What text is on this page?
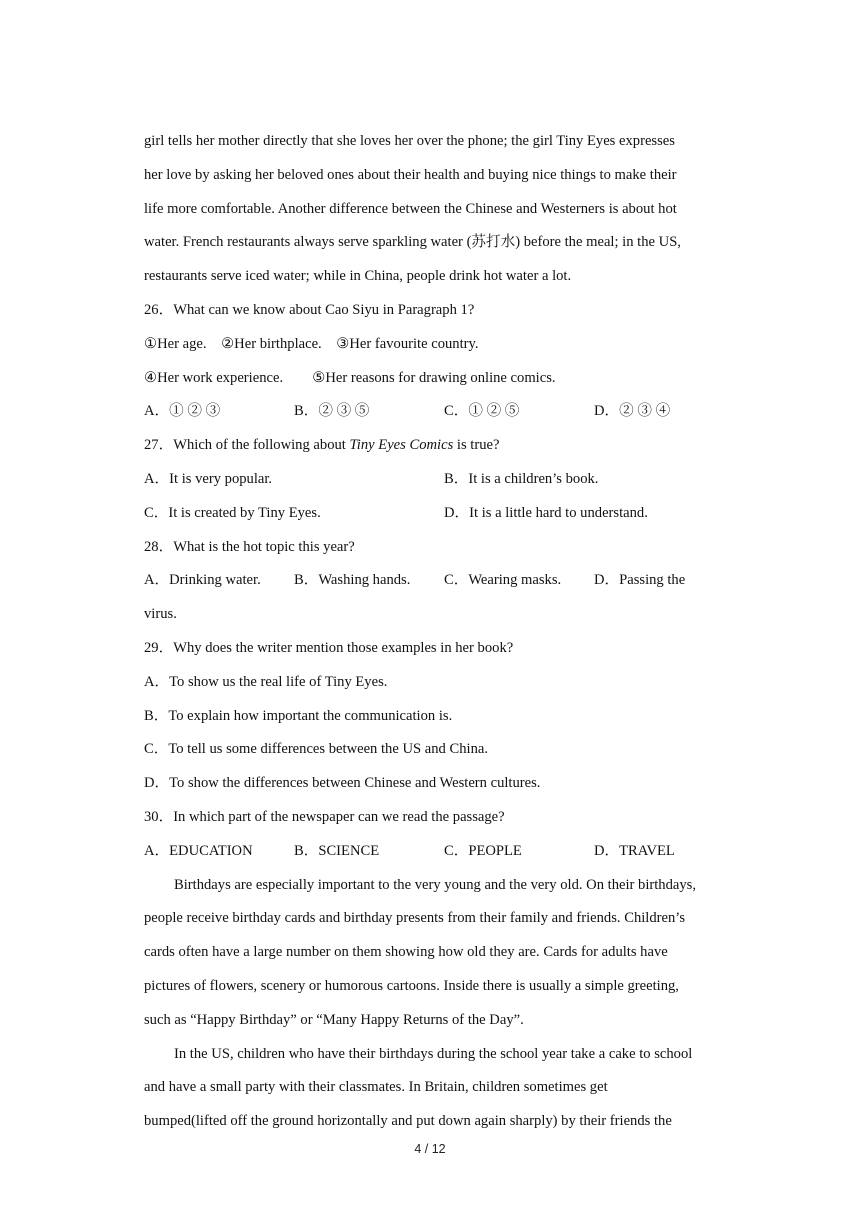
girl tells her mother directly that she loves her over the phone; the girl Tiny Eyes expresses
her love by asking her beloved ones about their health and buying nice things to make their
life more comfortable. Another difference between the Chinese and Westerners is about hot
water. French restaurants always serve sparkling water (苏打水) before the meal; in the US,
restaurants serve iced water; while in China, people drink hot water a lot.
26．What can we know about Cao Siyu in Paragraph 1?
①Her age.    ②Her birthplace.    ③Her favourite country.
④Her work experience.        ⑤Her reasons for drawing online comics.
A．① ② ③	B．② ③ ⑤	C．① ② ⑤	D．② ③ ④
27．Which of the following about Tiny Eyes Comics is true?
A．It is very popular.	B．It is a children’s book.
C．It is created by Tiny Eyes.	D．It is a little hard to understand.
28．What is the hot topic this year?
A．Drinking water. B．Washing hands. C．Wearing masks. D．Passing the
virus.
29．Why does the writer mention those examples in her book?
A．To show us the real life of Tiny Eyes.
B．To explain how important the communication is.
C．To tell us some differences between the US and China.
D．To show the differences between Chinese and Western cultures.
30．In which part of the newspaper can we read the passage?
A．EDUCATION	B．SCIENCE	C．PEOPLE	D．TRAVEL
Birthdays are especially important to the very young and the very old. On their birthdays,
people receive birthday cards and birthday presents from their family and friends. Children’s
cards often have a large number on them showing how old they are. Cards for adults have
pictures of flowers, scenery or humorous cartoons. Inside there is usually a simple greeting,
such as “Happy Birthday” or “Many Happy Returns of the Day”.
In the US, children who have their birthdays during the school year take a cake to school
and have a small party with their classmates. In Britain, children sometimes get
bumped(lifted off the ground horizontally and put down again sharply) by their friends the
4 / 12
